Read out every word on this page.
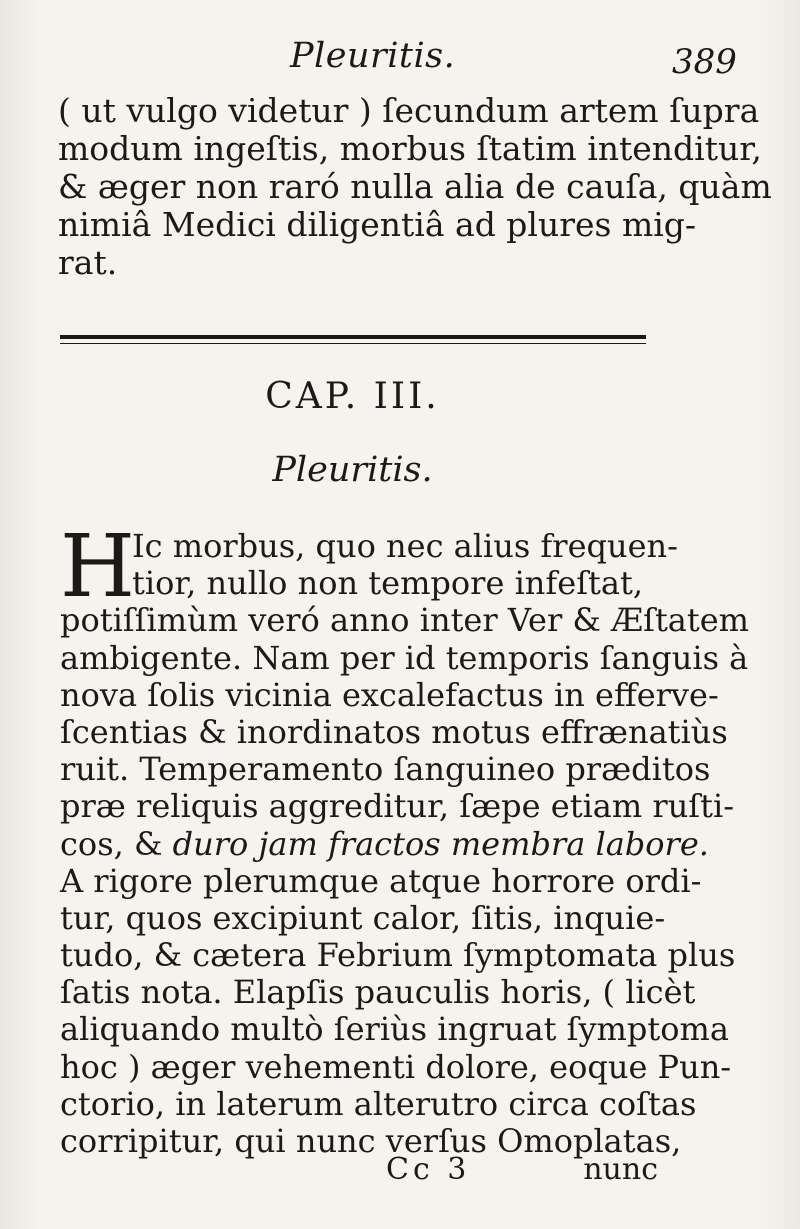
Pleuritis.	389
( ut vulgo videtur ) ſecundum artem ſupra
modum ingeſtis, morbus ſtatim intenditur,
& æger non raró nulla alia de cauſa, quàm
nimiâ Medici diligentiâ ad plures mig-
rat.
CAP. III.
Pleuritis.
H
Ic morbus, quo nec alius frequen-
tior, nullo non tempore infeſtat,
potiſſimùm veró anno inter Ver & Æſtatem
ambigente. Nam per id temporis ſanguis à
nova ſolis vicinia excalefactus in efferve-
ſcentias & inordinatos motus effrænatiùs
ruit. Temperamento ſanguineo præditos
præ reliquis aggreditur, ſæpe etiam ruſti-
cos, & duro jam fractos membra labore.
A rigore plerumque atque horrore ordi-
tur, quos excipiunt calor, ſitis, inquie-
tudo, & cætera Febrium ſymptomata plus
ſatis nota. Elapſis pauculis horis, ( licèt
aliquando multò ſeriùs ingruat ſymptoma
hoc ) æger vehementi dolore, eoque Pun-
ctorio, in laterum alterutro circa coſtas
corripitur, qui nunc verſus Omoplatas,
Cc 3	nunc
